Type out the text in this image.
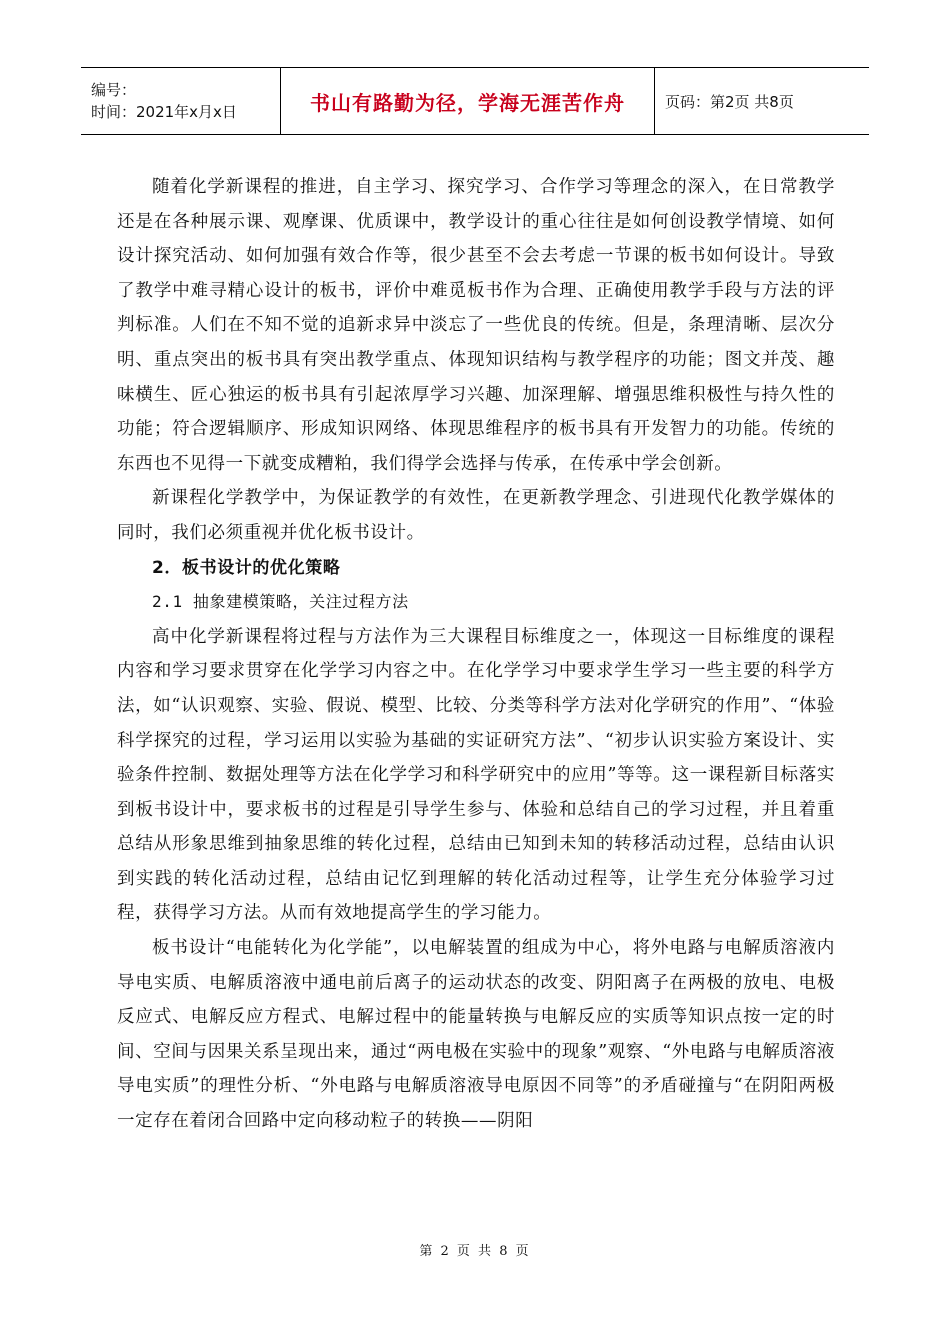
编号：
时间：2021年x月x日	书山有路勤为径，学海无涯苦作舟	页码：第2页 共8页

随着化学新课程的推进，自主学习、探究学习、合作学习等理念的深入，在日常教学还是在各种展示课、观摩课、优质课中，教学设计的重心往往是如何创设教学情境、如何设计探究活动、如何加强有效合作等，很少甚至不会去考虑一节课的板书如何设计。导致了教学中难寻精心设计的板书，评价中难觅板书作为合理、正确使用教学手段与方法的评判标准。人们在不知不觉的追新求异中淡忘了一些优良的传统。但是，条理清晰、层次分明、重点突出的板书具有突出教学重点、体现知识结构与教学程序的功能；图文并茂、趣味横生、匠心独运的板书具有引起浓厚学习兴趣、加深理解、增强思维积极性与持久性的功能；符合逻辑顺序、形成知识网络、体现思维程序的板书具有开发智力的功能。传统的东西也不见得一下就变成糟粕，我们得学会选择与传承，在传承中学会创新。

新课程化学教学中，为保证教学的有效性，在更新教学理念、引进现代化教学媒体的同时，我们必须重视并优化板书设计。

2．板书设计的优化策略

2.1 抽象建模策略，关注过程方法

高中化学新课程将过程与方法作为三大课程目标维度之一，体现这一目标维度的课程内容和学习要求贯穿在化学学习内容之中。在化学学习中要求学生学习一些主要的科学方法，如“认识观察、实验、假说、模型、比较、分类等科学方法对化学研究的作用”、“体验科学探究的过程，学习运用以实验为基础的实证研究方法”、“初步认识实验方案设计、实验条件控制、数据处理等方法在化学学习和科学研究中的应用”等等。这一课程新目标落实到板书设计中，要求板书的过程是引导学生参与、体验和总结自己的学习过程，并且着重总结从形象思维到抽象思维的转化过程，总结由已知到未知的转移活动过程，总结由认识到实践的转化活动过程，总结由记忆到理解的转化活动过程等，让学生充分体验学习过程，获得学习方法。从而有效地提高学生的学习能力。

板书设计“电能转化为化学能”，以电解装置的组成为中心，将外电路与电解质溶液内导电实质、电解质溶液中通电前后离子的运动状态的改变、阴阳离子在两极的放电、电极反应式、电解反应方程式、电解过程中的能量转换与电解反应的实质等知识点按一定的时间、空间与因果关系呈现出来，通过“两电极在实验中的现象”观察、“外电路与电解质溶液导电实质”的理性分析、“外电路与电解质溶液导电原因不同等”的矛盾碰撞与“在阴阳两极一定存在着闭合回路中定向移动粒子的转换——阴阳

第 2 页 共 8 页
